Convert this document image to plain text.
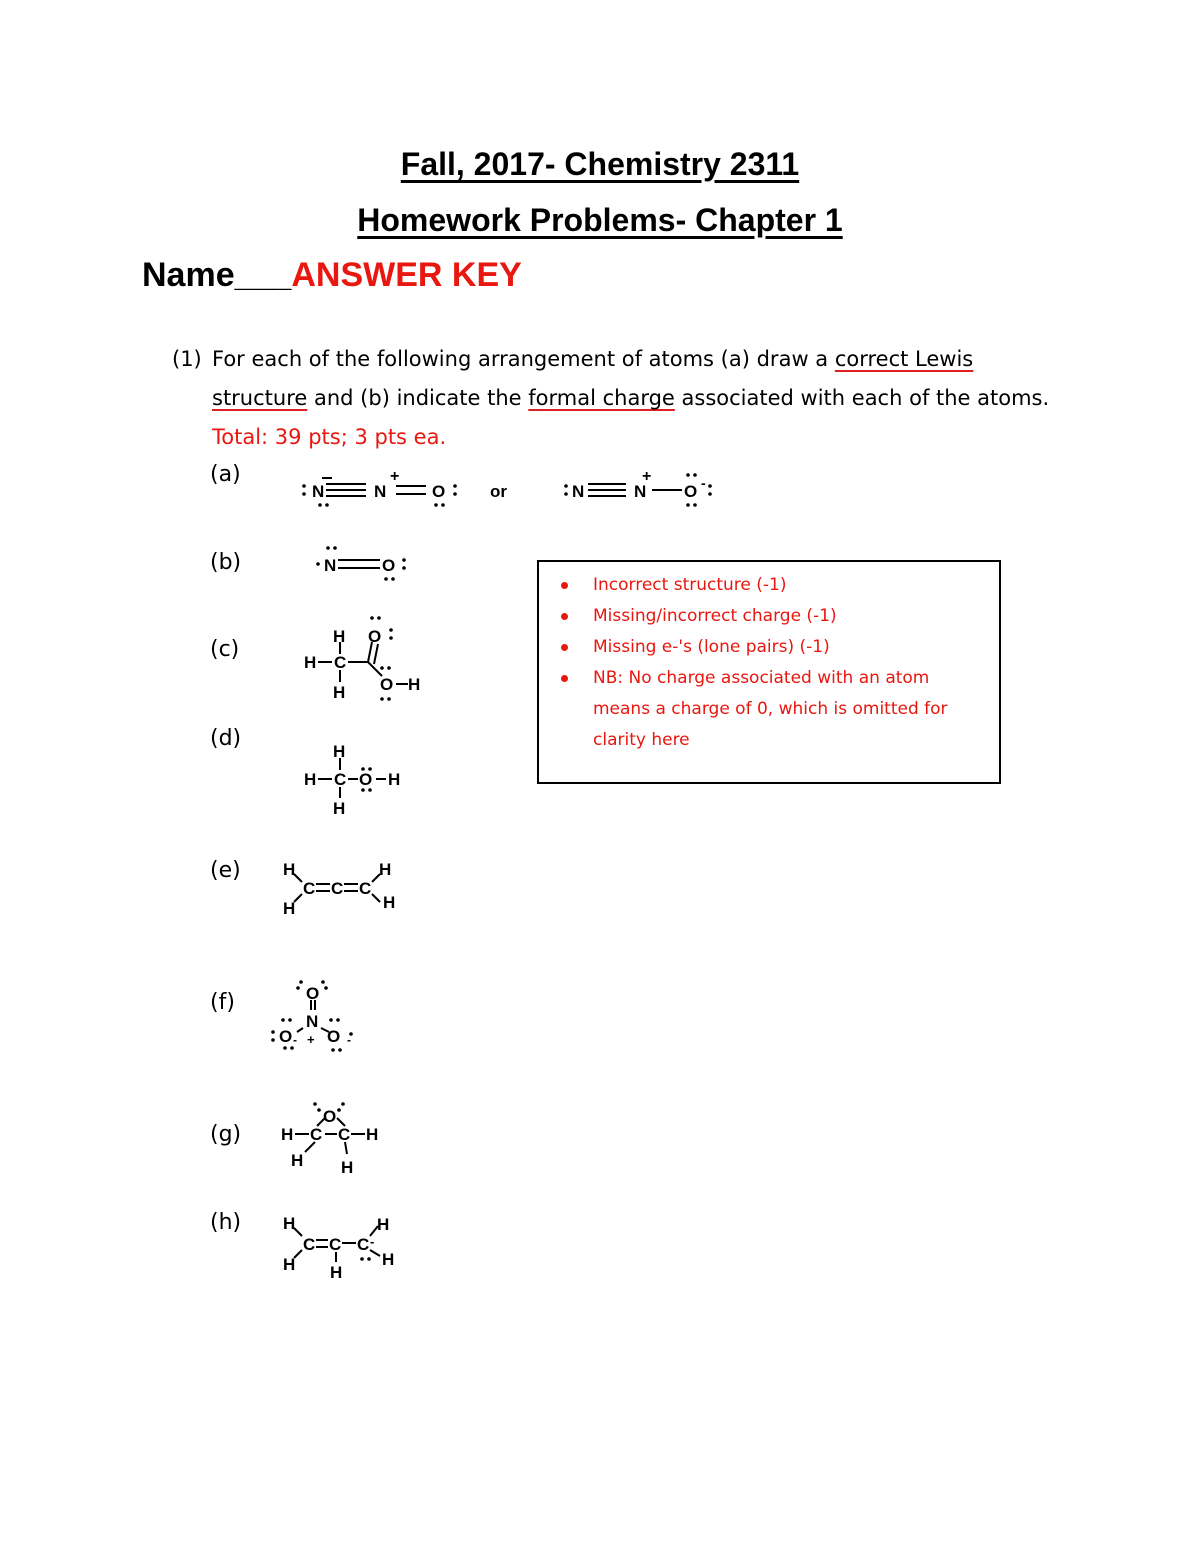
Fall, 2017- Chemistry 2311
Homework Problems- Chapter 1
Name___ANSWER KEY
(1) For each of the following arrangement of atoms (a) draw a correct Lewis structure and (b) indicate the formal charge associated with each of the atoms. Total: 39 pts; 3 pts ea.
(a)
(b)
(c)
(d)
(e)
(f)
(g)
(h)
N	N	O	N	N O
+	+	-
or
N	O
H O
H C
H O H
H
H C O H
H
H
H
C C C
H
H
O
N
O O
- +	-
O
H C C H
H H
H
H
C C C -
H
H
H
Incorrect structure (-1)
Missing/incorrect charge (-1)
Missing e-'s (lone pairs) (-1)
NB: No charge associated with an atom means a charge of 0, which is omitted for clarity here
